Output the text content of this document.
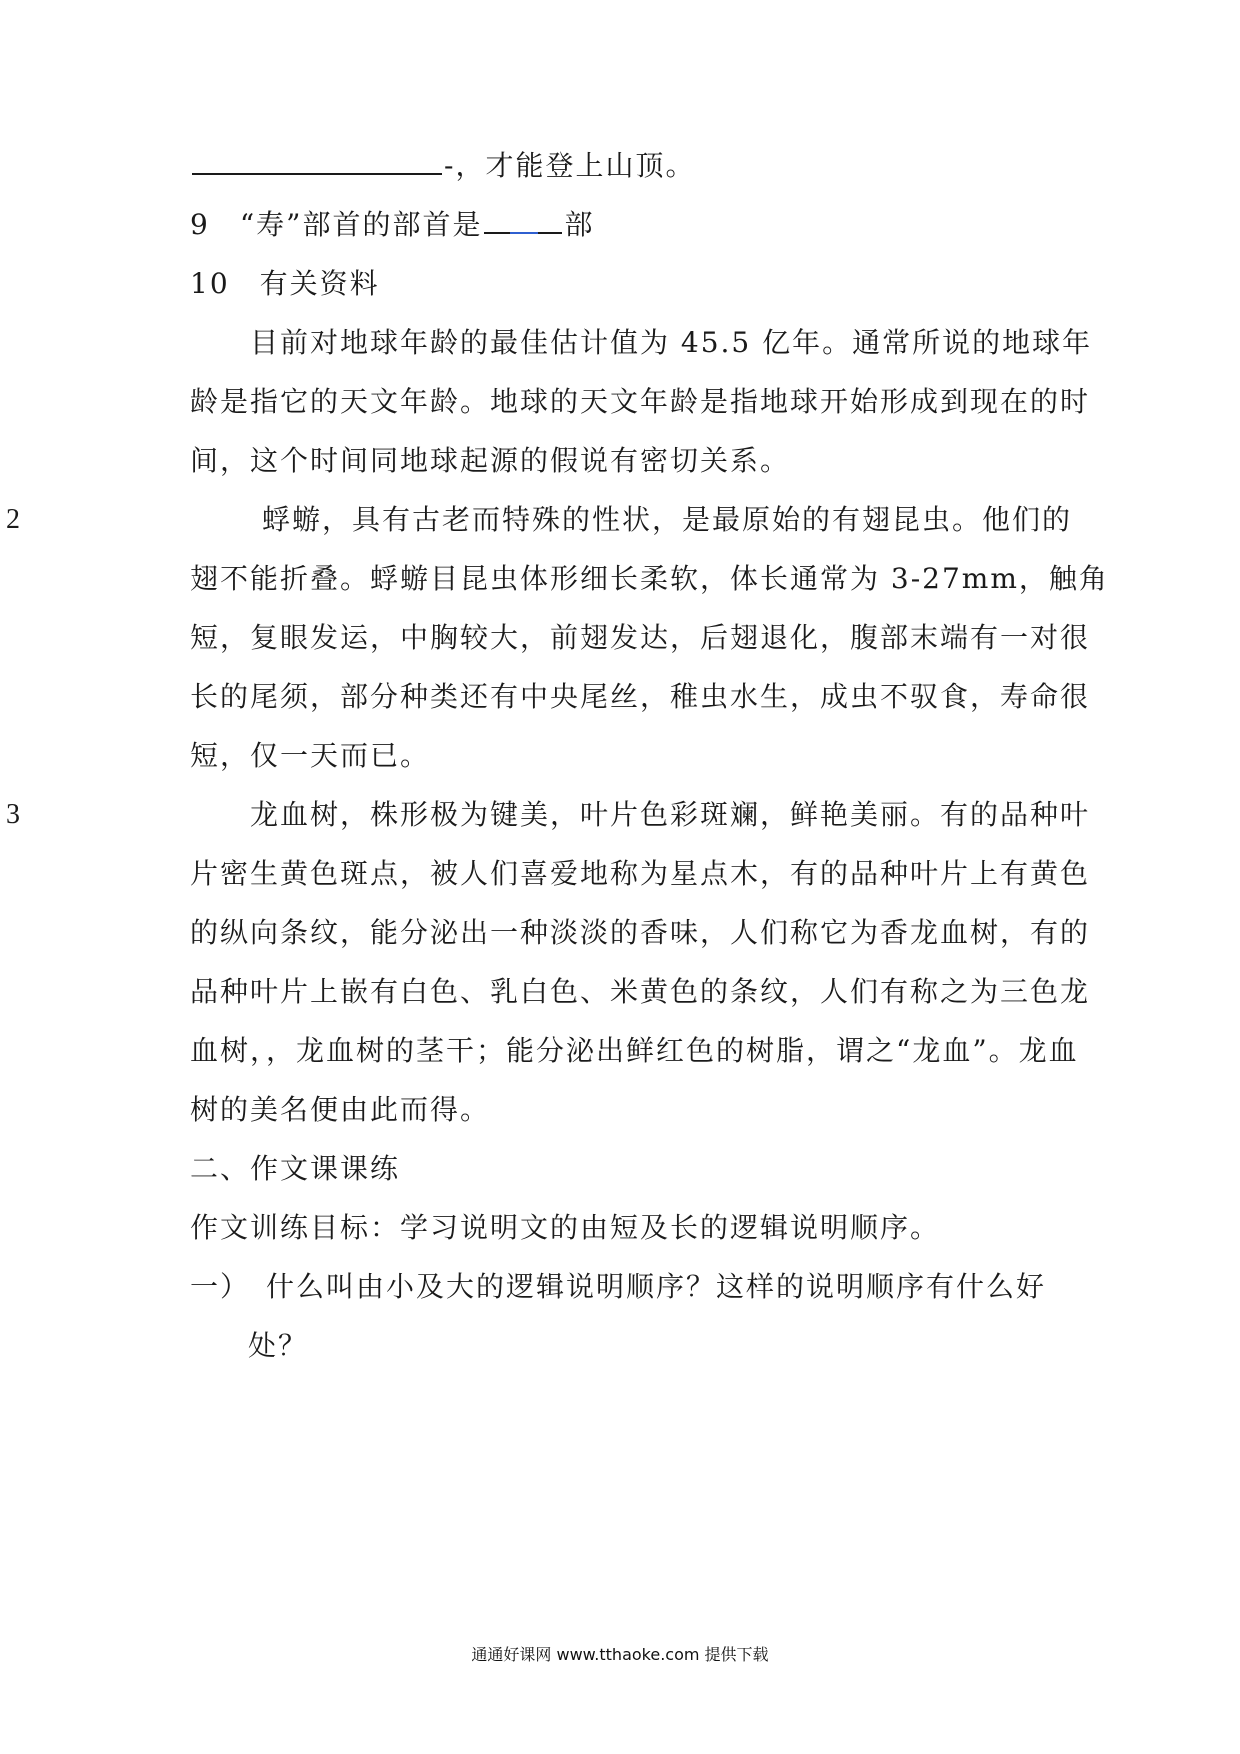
-，才能登上山顶。
9　“寿”部首的部首是	部
10　有关资料
目前对地球年龄的最佳估计值为 45.5 亿年。通常所说的地球年
龄是指它的天文年龄。地球的天文年龄是指地球开始形成到现在的时
间，这个时间同地球起源的假说有密切关系。
2	蜉蝣，具有古老而特殊的性状，是最原始的有翅昆虫。他们的
翅不能折叠。蜉蝣目昆虫体形细长柔软，体长通常为 3-27mm，触角
短，复眼发运，中胸较大，前翅发达，后翅退化，腹部末端有一对很
长的尾须，部分种类还有中央尾丝，稚虫水生，成虫不驭食，寿命很
短，仅一天而已。
3	龙血树，株形极为键美，叶片色彩斑斓，鲜艳美丽。有的品种叶
片密生黄色斑点，被人们喜爱地称为星点木，有的品种叶片上有黄色
的纵向条纹，能分泌出一种淡淡的香味，人们称它为香龙血树，有的
品种叶片上嵌有白色、乳白色、米黄色的条纹，人们有称之为三色龙
血树，，龙血树的茎干；能分泌出鲜红色的树脂，谓之“龙血”。龙血
树的美名便由此而得。
二、作文课课练
作文训练目标：学习说明文的由短及长的逻辑说明顺序。
一）　什么叫由小及大的逻辑说明顺序？这样的说明顺序有什么好
处？
通通好课网 www.tthaoke.com 提供下载
